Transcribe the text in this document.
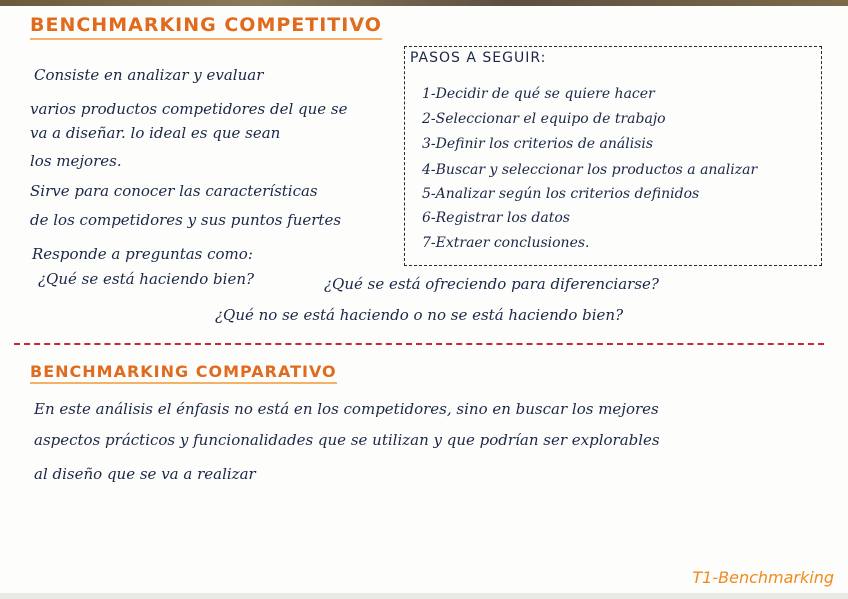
BENCHMARKING COMPETITIVO
Consiste en analizar y evaluar
varios productos competidores del que se
va a diseñar. lo ideal es que sean
los mejores.
Sirve para conocer las características
de los competidores y sus puntos fuertes
Responde a preguntas como:
¿Qué se está haciendo bien?	¿Qué se está ofreciendo para diferenciarse?
¿Qué no se está haciendo o no se está haciendo bien?
PASOS A SEGUIR:
1-Decidir de qué se quiere hacer
2-Seleccionar el equipo de trabajo
3-Definir los criterios de análisis
4-Buscar y seleccionar los productos a analizar
5-Analizar según los criterios definidos
6-Registrar los datos
7-Extraer conclusiones.
BENCHMARKING COMPARATIVO
En este análisis el énfasis no está en los competidores, sino en buscar los mejores
aspectos prácticos y funcionalidades que se utilizan y que podrían ser explorables
al diseño que se va a realizar
T1-Benchmarking
